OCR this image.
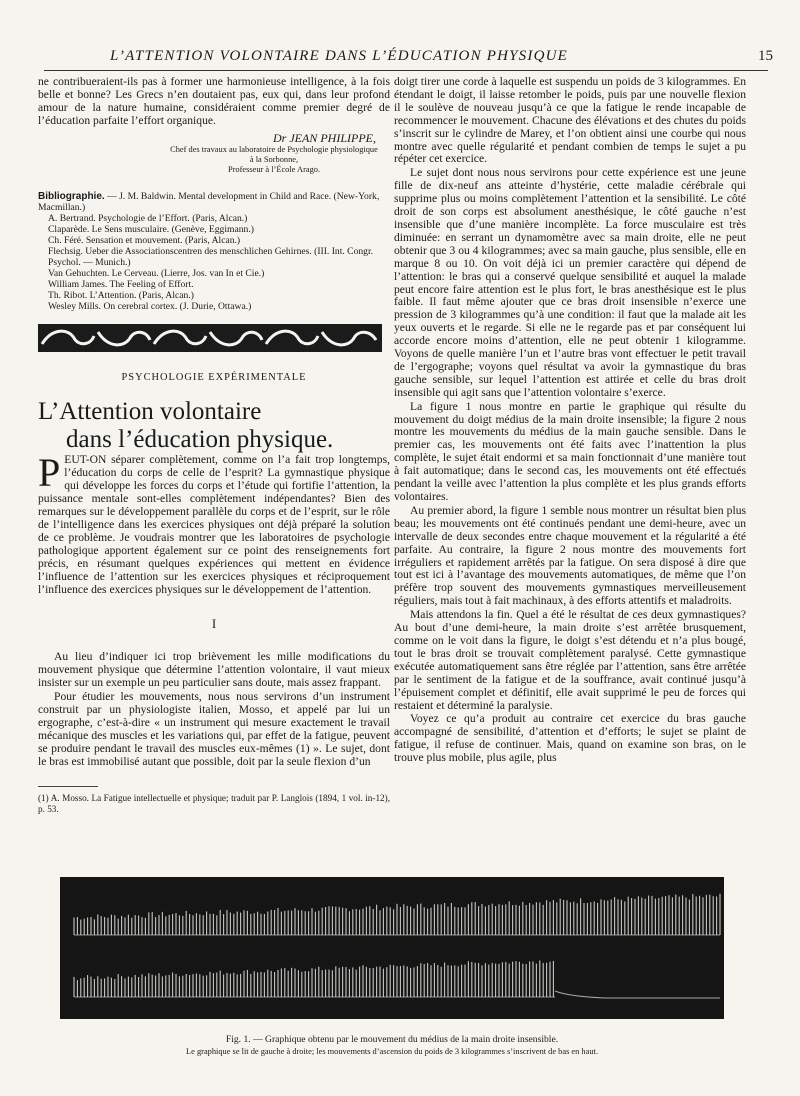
L’ATTENTION VOLONTAIRE DANS L’ÉDUCATION PHYSIQUE	15

ne contribueraient-ils pas à former une harmonieuse intelligence, à la fois belle et bonne? Les Grecs n’en doutaient pas, eux qui, dans leur profond amour de la nature humaine, considéraient comme premier degré de l’éducation parfaite l’effort organique.

Dr JEAN PHILIPPE,
Chef des travaux au laboratoire de Psychologie physiologique
à la Sorbonne,
Professeur à l’École Arago.

Bibliographie. — J. M. Baldwin. Mental development in Child and Race. (New-York, Macmillan.)

A. Bertrand. Psychologie de l’Effort. (Paris, Alcan.)

Claparède. Le Sens musculaire. (Genève, Eggimann.)

Ch. Féré. Sensation et mouvement. (Paris, Alcan.)

Flechsig. Ueber die Associationscentren des menschlichen Gehirnes. (III. Int. Congr. Psychol. — Munich.)

Van Gehuchten. Le Cerveau. (Lierre, Jos. van In et Cie.)

William James. The Feeling of Effort.

Th. Ribot. L’Attention. (Paris, Alcan.)

Wesley Mills. On cerebral cortex. (J. Durie, Ottawa.)

PSYCHOLOGIE EXPÉRIMENTALE
L’Attention volontaire
dans l’éducation physique.

PEUT-ON séparer complètement, comme on l’a fait trop longtemps, l’éducation du corps de celle de l’esprit? La gymnastique physique qui développe les forces du corps et l’étude qui fortifie l’attention, la puissance mentale sont-elles complètement indépendantes? Bien des remarques sur le développement parallèle du corps et de l’esprit, sur le rôle de l’intelligence dans les exercices physiques ont déjà préparé la solution de ce problème. Je voudrais montrer que les laboratoires de psychologie pathologique apportent également sur ce point des renseignements fort précis, en résumant quelques expériences qui mettent en évidence l’influence de l’attention sur les exercices physiques et réciproquement l’influence des exercices physiques sur le développement de l’attention.

I

Au lieu d’indiquer ici trop brièvement les mille modifications du mouvement physique que détermine l’attention volontaire, il vaut mieux insister sur un exemple un peu particulier sans doute, mais assez frappant.

Pour étudier les mouvements, nous nous servirons d’un instrument construit par un physiologiste italien, Mosso, et appelé par lui un ergographe, c’est-à-dire « un instrument qui mesure exactement le travail mécanique des muscles et les variations qui, par effet de la fatigue, peuvent se produire pendant le travail des muscles eux-mêmes (1) ». Le sujet, dont le bras est immobilisé autant que possible, doit par la seule flexion d’un

(1) A. Mosso. La Fatigue intellectuelle et physique; traduit par P. Langlois (1894, 1 vol. in-12), p. 53.

doigt tirer une corde à laquelle est suspendu un poids de 3 kilogrammes. En étendant le doigt, il laisse retomber le poids, puis par une nouvelle flexion il le soulève de nouveau jusqu’à ce que la fatigue le rende incapable de recommencer le mouvement. Chacune des élévations et des chutes du poids s’inscrit sur le cylindre de Marey, et l’on obtient ainsi une courbe qui nous montre avec quelle régularité et pendant combien de temps le sujet a pu répéter cet exercice.

Le sujet dont nous nous servirons pour cette expérience est une jeune fille de dix-neuf ans atteinte d’hystérie, cette maladie cérébrale qui supprime plus ou moins complètement l’attention et la sensibilité. Le côté droit de son corps est absolument anesthésique, le côté gauche n’est insensible que d’une manière incomplète. La force musculaire est très diminuée: en serrant un dynamomètre avec sa main droite, elle ne peut obtenir que 3 ou 4 kilogrammes; avec sa main gauche, plus sensible, elle en marque 8 ou 10. On voit déjà ici un premier caractère qui dépend de l’attention: le bras qui a conservé quelque sensibilité et auquel la malade peut encore faire attention est le plus fort, le bras anesthésique est le plus faible. Il faut même ajouter que ce bras droit insensible n’exerce une pression de 3 kilogrammes qu’à une condition: il faut que la malade ait les yeux ouverts et le regarde. Si elle ne le regarde pas et par conséquent lui accorde encore moins d’attention, elle ne peut obtenir 1 kilogramme. Voyons de quelle manière l’un et l’autre bras vont effectuer le petit travail de l’ergographe; voyons quel résultat va avoir la gymnastique du bras gauche sensible, sur lequel l’attention est attirée et celle du bras droit insensible qui agit sans que l’attention volontaire s’exerce.

La figure 1 nous montre en partie le graphique qui résulte du mouvement du doigt médius de la main droite insensible; la figure 2 nous montre les mouvements du médius de la main gauche sensible. Dans le premier cas, les mouvements ont été faits avec l’inattention la plus complète, le sujet était endormi et sa main fonctionnait d’une manière tout à fait automatique; dans le second cas, les mouvements ont été effectués pendant la veille avec l’attention la plus complète et les plus grands efforts volontaires.

Au premier abord, la figure 1 semble nous montrer un résultat bien plus beau; les mouvements ont été continués pendant une demi-heure, avec un intervalle de deux secondes entre chaque mouvement et la régularité a été parfaite. Au contraire, la figure 2 nous montre des mouvements fort irréguliers et rapidement arrêtés par la fatigue. On sera disposé à dire que tout est ici à l’avantage des mouvements automatiques, de même que l’on préfère trop souvent des mouvements gymnastiques merveilleusement réguliers, mais tout à fait machinaux, à des efforts attentifs et maladroits.

Mais attendons la fin. Quel a été le résultat de ces deux gymnastiques? Au bout d’une demi-heure, la main droite s’est arrêtée brusquement, comme on le voit dans la figure, le doigt s’est détendu et n’a plus bougé, tout le bras droit se trouvait complètement paralysé. Cette gymnastique exécutée automatiquement sans être réglée par l’attention, sans être arrêtée par le sentiment de la fatigue et de la souffrance, avait continué jusqu’à l’épuisement complet et définitif, elle avait supprimé le peu de forces qui restaient et déterminé la paralysie.

Voyez ce qu’a produit au contraire cet exercice du bras gauche accompagné de sensibilité, d’attention et d’efforts; le sujet se plaint de fatigue, il refuse de continuer. Mais, quand on examine son bras, on le trouve plus mobile, plus agile, plus

Fig. 1. — Graphique obtenu par le mouvement du médius de la main droite insensible.
Le graphique se lit de gauche à droite; les mouvements d’ascension du poids de 3 kilogrammes s’inscrivent de bas en haut.
